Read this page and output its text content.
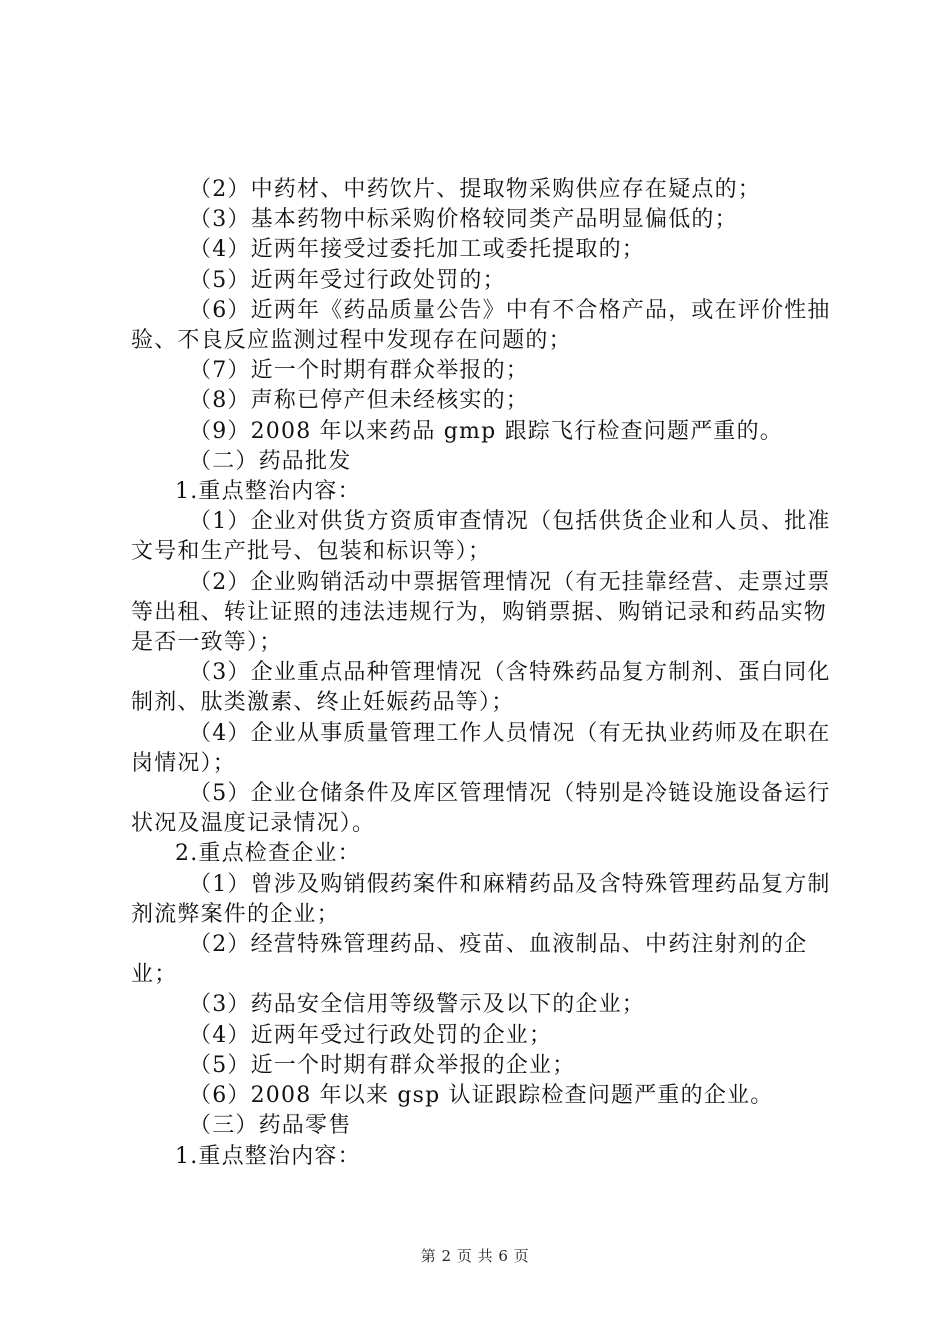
（2）中药材、中药饮片、提取物采购供应存在疑点的；

（3）基本药物中标采购价格较同类产品明显偏低的；

（4）近两年接受过委托加工或委托提取的；

（5）近两年受过行政处罚的；

（6）近两年《药品质量公告》中有不合格产品，或在评价性抽验、不良反应监测过程中发现存在问题的；

（7）近一个时期有群众举报的；

（8）声称已停产但未经核实的；

（9）2008 年以来药品 gmp 跟踪飞行检查问题严重的。

（二）药品批发

1.重点整治内容：

（1）企业对供货方资质审查情况（包括供货企业和人员、批准文号和生产批号、包装和标识等）；

（2）企业购销活动中票据管理情况（有无挂靠经营、走票过票等出租、转让证照的违法违规行为，购销票据、购销记录和药品实物是否一致等）；

（3）企业重点品种管理情况（含特殊药品复方制剂、蛋白同化制剂、肽类激素、终止妊娠药品等）；

（4）企业从事质量管理工作人员情况（有无执业药师及在职在岗情况）；

（5）企业仓储条件及库区管理情况（特别是冷链设施设备运行状况及温度记录情况）。

2.重点检查企业：

（1）曾涉及购销假药案件和麻精药品及含特殊管理药品复方制剂流弊案件的企业；

（2）经营特殊管理药品、疫苗、血液制品、中药注射剂的企业；

（3）药品安全信用等级警示及以下的企业；

（4）近两年受过行政处罚的企业；

（5）近一个时期有群众举报的企业；

（6）2008 年以来 gsp 认证跟踪检查问题严重的企业。

（三）药品零售

1.重点整治内容：

第 2 页 共 6 页
